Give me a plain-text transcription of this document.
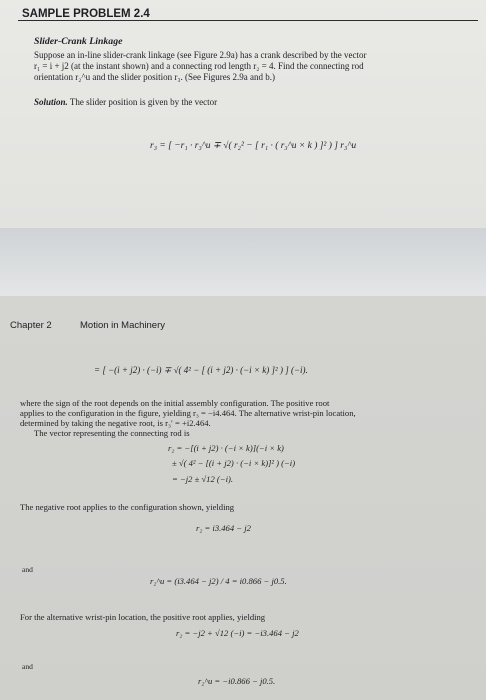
SAMPLE PROBLEM 2.4
Slider-Crank Linkage
Suppose an in-line slider-crank linkage (see Figure 2.9a) has a crank described by the vector
r₁ = i + j2 (at the instant shown) and a connecting rod length r₂ = 4. Find the connecting rod
orientation r₂^u and the slider position r₃. (See Figures 2.9a and b.)
Solution. The slider position is given by the vector
r₃ = [ −r₁ · r₃^u ∓ √( r₂² − [ r₁ · ( r₃^u × k ) ]² ) ] r₃^u
Chapter 2	Motion in Machinery
= [ −(i + j2) · (−i) ∓ √( 4² − [ (i + j2) · (−i × k) ]² ) ] (−i).
where the sign of the root depends on the initial assembly configuration. The positive root
applies to the configuration in the figure, yielding r₃ = −i4.464. The alternative wrist-pin location,
determined by taking the negative root, is r₃′ = +i2.464.
The vector representing the connecting rod is
r₂ = −[(i + j2) · (−i × k)](−i × k)
± √( 4² − [(i + j2) · (−i × k)]² ) (−i)
= −j2 ± √12 (−i).
The negative root applies to the configuration shown, yielding
r₂ = i3.464 − j2
and
r₂^u = (i3.464 − j2) / 4 = i0.866 − j0.5.
For the alternative wrist-pin location, the positive root applies, yielding
r₂ = −j2 + √12 (−i) = −i3.464 − j2
and
r₂^u = −i0.866 − j0.5.
